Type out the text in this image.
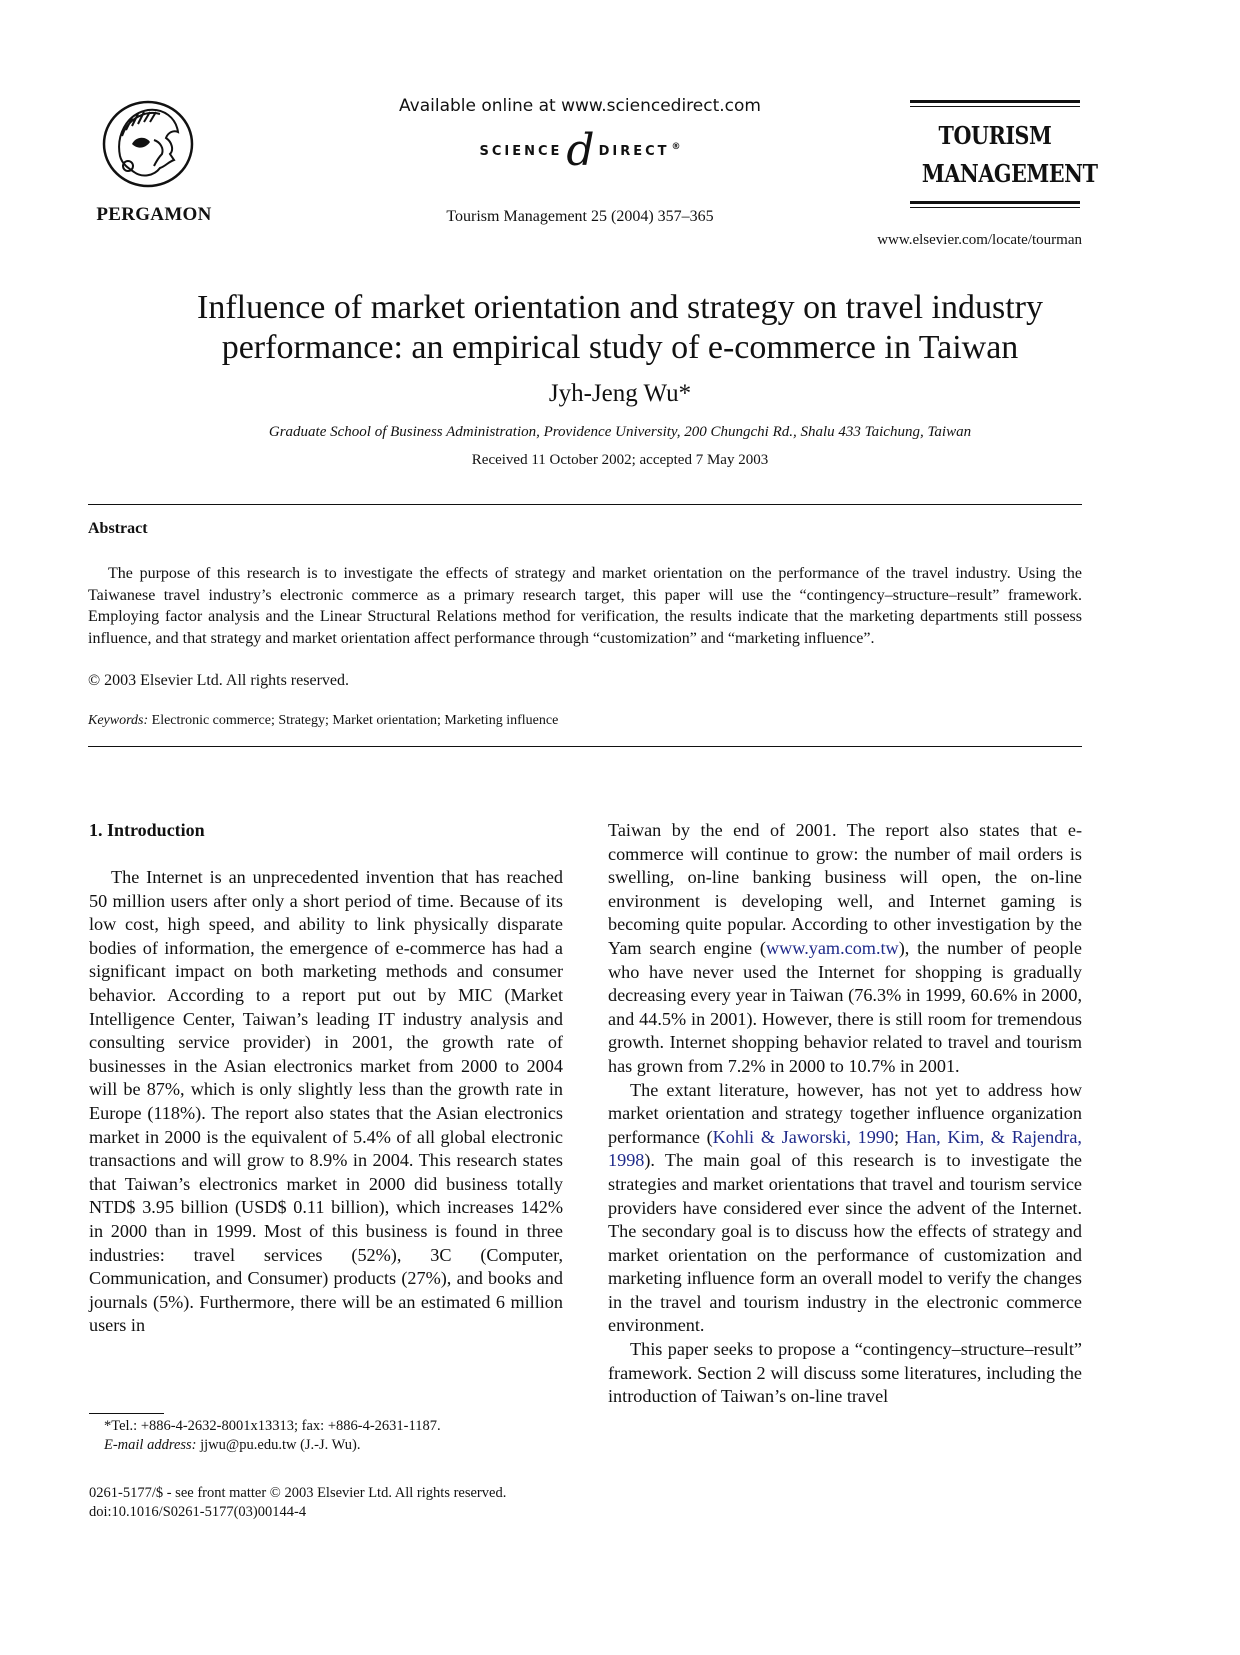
PERGAMON
Available online at www.sciencedirect.com
SCIENCE d DIRECT ®
Tourism Management 25 (2004) 357–365
TOURISM
MANAGEMENT
www.elsevier.com/locate/tourman
Influence of market orientation and strategy on travel industry
performance: an empirical study of e-commerce in Taiwan
Jyh-Jeng Wu*
Graduate School of Business Administration, Providence University, 200 Chungchi Rd., Shalu 433 Taichung, Taiwan
Received 11 October 2002; accepted 7 May 2003
Abstract

The purpose of this research is to investigate the effects of strategy and market orientation on the performance of the travel industry. Using the Taiwanese travel industry’s electronic commerce as a primary research target, this paper will use the “contingency–structure–result” framework. Employing factor analysis and the Linear Structural Relations method for verification, the results indicate that the marketing departments still possess influence, and that strategy and market orientation affect performance through “customization” and “marketing influence”.

© 2003 Elsevier Ltd. All rights reserved.
Keywords: Electronic commerce; Strategy; Market orientation; Marketing influence
1. Introduction

The Internet is an unprecedented invention that has reached 50 million users after only a short period of time. Because of its low cost, high speed, and ability to link physically disparate bodies of information, the emergence of e-commerce has had a significant impact on both marketing methods and consumer behavior. According to a report put out by MIC (Market Intelligence Center, Taiwan’s leading IT industry analysis and consulting service provider) in 2001, the growth rate of businesses in the Asian electronics market from 2000 to 2004 will be 87%, which is only slightly less than the growth rate in Europe (118%). The report also states that the Asian electronics market in 2000 is the equivalent of 5.4% of all global electronic transactions and will grow to 8.9% in 2004. This research states that Taiwan’s electronics market in 2000 did business totally NTD$ 3.95 billion (USD$ 0.11 billion), which increases 142% in 2000 than in 1999. Most of this business is found in three industries: travel services (52%), 3C (Computer, Communication, and Consumer) products (27%), and books and journals (5%). Furthermore, there will be an estimated 6 million users in

Taiwan by the end of 2001. The report also states that e-commerce will continue to grow: the number of mail orders is swelling, on-line banking business will open, the on-line environment is developing well, and Internet gaming is becoming quite popular. According to other investigation by the Yam search engine (www.yam.com.tw), the number of people who have never used the Internet for shopping is gradually decreasing every year in Taiwan (76.3% in 1999, 60.6% in 2000, and 44.5% in 2001). However, there is still room for tremendous growth. Internet shopping behavior related to travel and tourism has grown from 7.2% in 2000 to 10.7% in 2001.

The extant literature, however, has not yet to address how market orientation and strategy together influence organization performance (Kohli & Jaworski, 1990; Han, Kim, & Rajendra, 1998). The main goal of this research is to investigate the strategies and market orientations that travel and tourism service providers have considered ever since the advent of the Internet. The secondary goal is to discuss how the effects of strategy and market orientation on the performance of customization and marketing influence form an overall model to verify the changes in the travel and tourism industry in the electronic commerce environment.

This paper seeks to propose a “contingency–structure–result” framework. Section 2 will discuss some literatures, including the introduction of Taiwan’s on-line travel

*Tel.: +886-4-2632-8001x13313; fax: +886-4-2631-1187.
E-mail address: jjwu@pu.edu.tw (J.-J. Wu).
0261-5177/$ - see front matter © 2003 Elsevier Ltd. All rights reserved.
doi:10.1016/S0261-5177(03)00144-4
